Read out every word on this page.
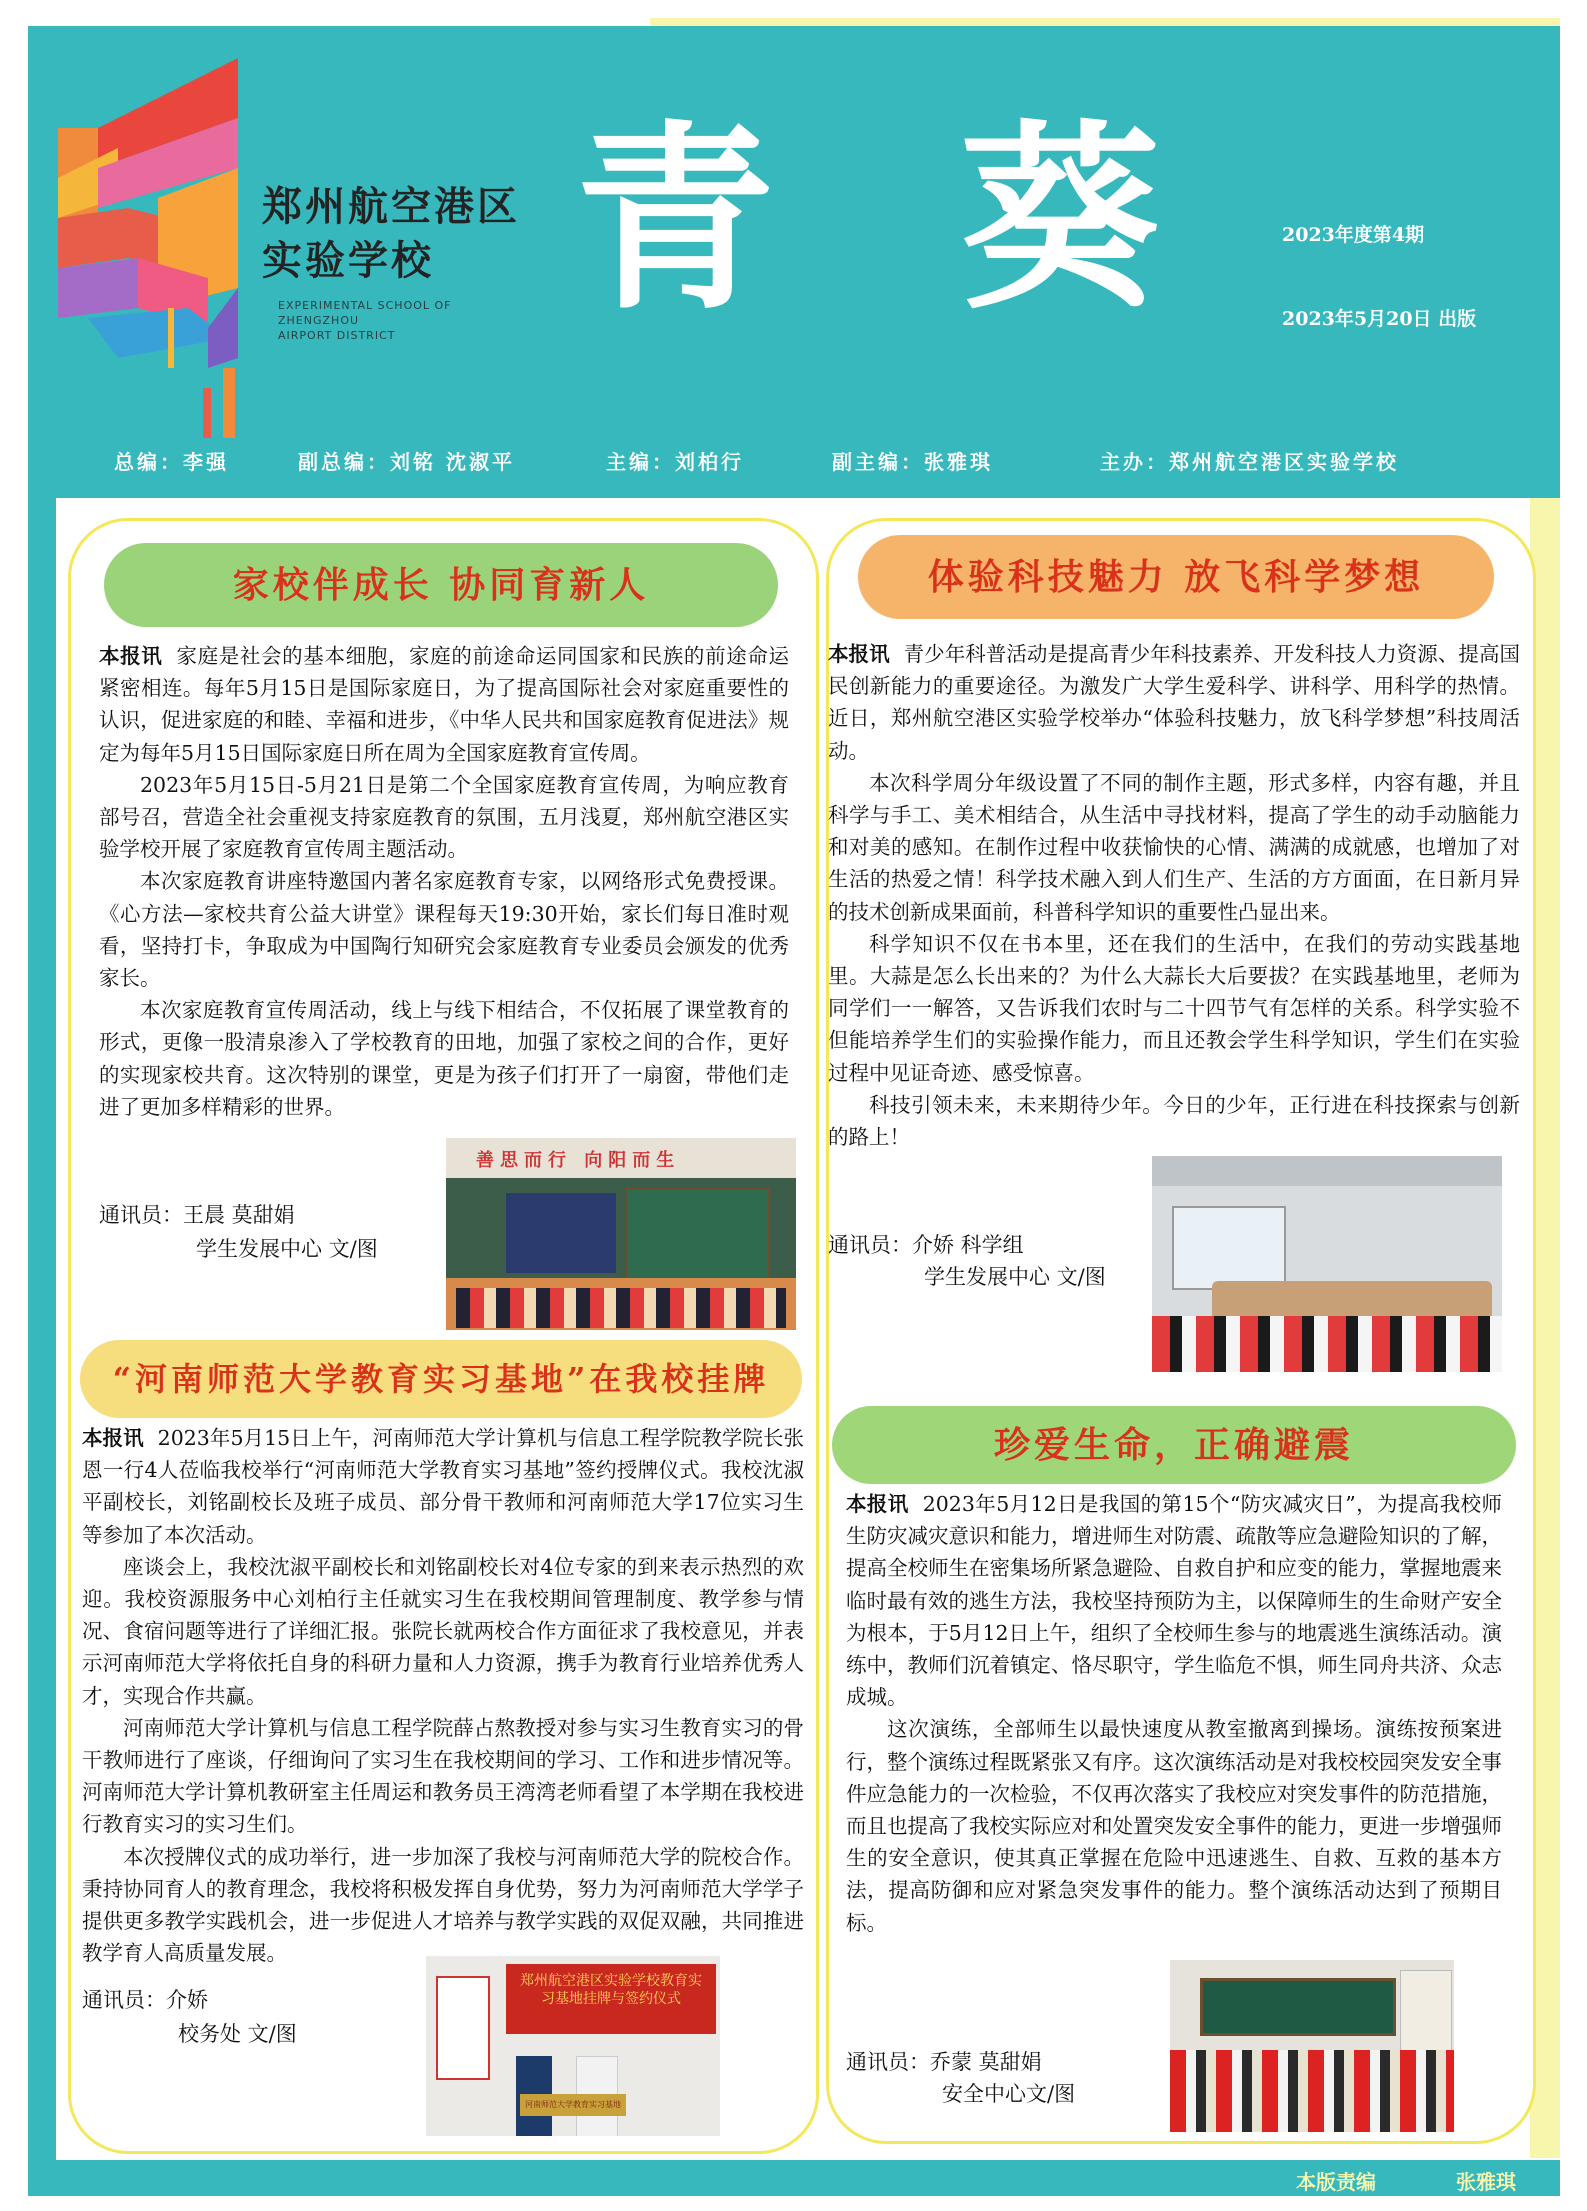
郑州航空港区
实验学校
EXPERIMENTAL SCHOOL OF
ZHENGZHOU
AIRPORT DISTRICT 青 葵	2023年度第4期
2023年5月20日 出版
总编：李强	副总编：刘铭 沈淑平	主编：刘柏行	副主编：张雅琪	主办：郑州航空港区实验学校
家校伴成长 协同育新人

本报讯 家庭是社会的基本细胞，家庭的前途命运同国家和民族的前途命运紧密相连。每年5月15日是国际家庭日，为了提高国际社会对家庭重要性的认识，促进家庭的和睦、幸福和进步，《中华人民共和国家庭教育促进法》规定为每年5月15日国际家庭日所在周为全国家庭教育宣传周。

2023年5月15日-5月21日是第二个全国家庭教育宣传周，为响应教育部号召，营造全社会重视支持家庭教育的氛围，五月浅夏，郑州航空港区实验学校开展了家庭教育宣传周主题活动。

本次家庭教育讲座特邀国内著名家庭教育专家，以网络形式免费授课。《心方法—家校共育公益大讲堂》课程每天19:30开始，家长们每日准时观看，坚持打卡，争取成为中国陶行知研究会家庭教育专业委员会颁发的优秀家长。

本次家庭教育宣传周活动，线上与线下相结合，不仅拓展了课堂教育的形式，更像一股清泉渗入了学校教育的田地，加强了家校之间的合作，更好的实现家校共育。这次特别的课堂，更是为孩子们打开了一扇窗，带他们走进了更加多样精彩的世界。

通讯员：王晨 莫甜娟
学生发展中心 文/图
善思而行 向阳而生
“河南师范大学教育实习基地”在我校挂牌

本报讯 2023年5月15日上午，河南师范大学计算机与信息工程学院教学院长张恩一行4人莅临我校举行“河南师范大学教育实习基地”签约授牌仪式。我校沈淑平副校长，刘铭副校长及班子成员、部分骨干教师和河南师范大学17位实习生等参加了本次活动。

座谈会上，我校沈淑平副校长和刘铭副校长对4位专家的到来表示热烈的欢迎。我校资源服务中心刘柏行主任就实习生在我校期间管理制度、教学参与情况、食宿问题等进行了详细汇报。张院长就两校合作方面征求了我校意见，并表示河南师范大学将依托自身的科研力量和人力资源，携手为教育行业培养优秀人才，实现合作共赢。

河南师范大学计算机与信息工程学院薛占熬教授对参与实习生教育实习的骨干教师进行了座谈，仔细询问了实习生在我校期间的学习、工作和进步情况等。河南师范大学计算机教研室主任周运和教务员王湾湾老师看望了本学期在我校进行教育实习的实习生们。

本次授牌仪式的成功举行，进一步加深了我校与河南师范大学的院校合作。秉持协同育人的教育理念，我校将积极发挥自身优势，努力为河南师范大学学子提供更多教学实践机会，进一步促进人才培养与教学实践的双促双融，共同推进教学育人高质量发展。

通讯员：介娇
校务处 文/图
郑州航空港区实验学校教育实习基地挂牌与签约仪式
河南师范大学教育实习基地
体验科技魅力 放飞科学梦想

本报讯 青少年科普活动是提高青少年科技素养、开发科技人力资源、提高国民创新能力的重要途径。为激发广大学生爱科学、讲科学、用科学的热情。近日，郑州航空港区实验学校举办“体验科技魅力，放飞科学梦想”科技周活动。

本次科学周分年级设置了不同的制作主题，形式多样，内容有趣，并且科学与手工、美术相结合，从生活中寻找材料，提高了学生的动手动脑能力和对美的感知。在制作过程中收获愉快的心情、满满的成就感，也增加了对生活的热爱之情！科学技术融入到人们生产、生活的方方面面，在日新月异的技术创新成果面前，科普科学知识的重要性凸显出来。

科学知识不仅在书本里，还在我们的生活中，在我们的劳动实践基地里。大蒜是怎么长出来的？为什么大蒜长大后要拔？在实践基地里，老师为同学们一一解答，又告诉我们农时与二十四节气有怎样的关系。科学实验不但能培养学生们的实验操作能力，而且还教会学生科学知识，学生们在实验过程中见证奇迹、感受惊喜。

科技引领未来，未来期待少年。今日的少年，正行进在科技探索与创新的路上！

通讯员：介娇 科学组
学生发展中心 文/图
珍爱生命，正确避震

本报讯 2023年5月12日是我国的第15个“防灾减灾日”，为提高我校师生防灾减灾意识和能力，增进师生对防震、疏散等应急避险知识的了解，提高全校师生在密集场所紧急避险、自救自护和应变的能力，掌握地震来临时最有效的逃生方法，我校坚持预防为主，以保障师生的生命财产安全为根本，于5月12日上午，组织了全校师生参与的地震逃生演练活动。演练中，教师们沉着镇定、恪尽职守，学生临危不惧，师生同舟共济、众志成城。

这次演练，全部师生以最快速度从教室撤离到操场。演练按预案进行，整个演练过程既紧张又有序。这次演练活动是对我校校园突发安全事件应急能力的一次检验，不仅再次落实了我校应对突发事件的防范措施，而且也提高了我校实际应对和处置突发安全事件的能力，更进一步增强师生的安全意识，使其真正掌握在危险中迅速逃生、自救、互救的基本方法，提高防御和应对紧急突发事件的能力。整个演练活动达到了预期目标。

通讯员：乔蒙 莫甜娟
安全中心文/图
本版责编	张雅琪
